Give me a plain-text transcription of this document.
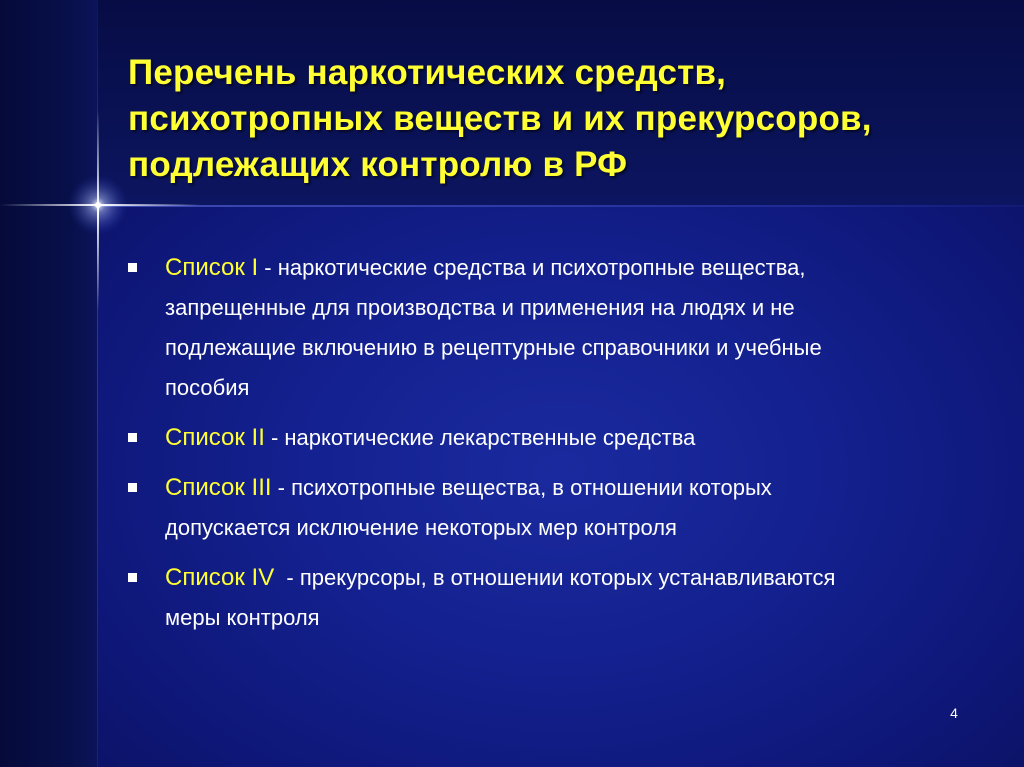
Перечень наркотических средств,
психотропных веществ и их прекурсоров,
подлежащих контролю в РФ
Список I - наркотические средства и психотропные вещества,
запрещенные для производства и применения на людях и не
подлежащие включению в рецептурные справочники и учебные
пособия
Список II - наркотические лекарственные средства
Список III - психотропные вещества, в отношении которых
допускается исключение некоторых мер контроля
Список IV  - прекурсоры, в отношении которых устанавливаются
меры контроля
4
